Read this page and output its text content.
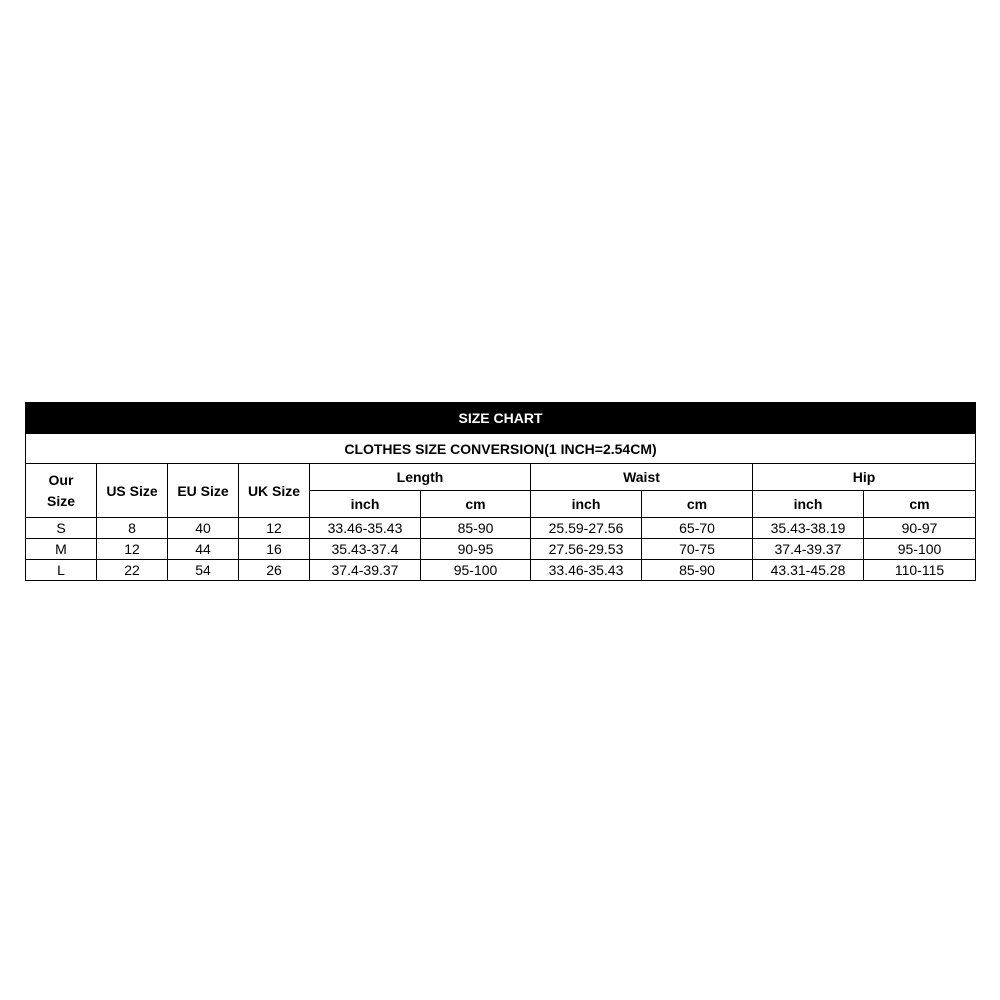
SIZE CHART									
CLOTHES SIZE CONVERSION(1 INCH=2.54CM)									

Our Size	US Size	EU Size	UK Size	Length		Waist		Hip	
				inch	cm	inch	cm	inch	cm
S	8	40	12	33.46-35.43	85-90	25.59-27.56	65-70	35.43-38.19	90-97
M	12	44	16	35.43-37.4	90-95	27.56-29.53	70-75	37.4-39.37	95-100
L	22	54	26	37.4-39.37	95-100	33.46-35.43	85-90	43.31-45.28	110-115
